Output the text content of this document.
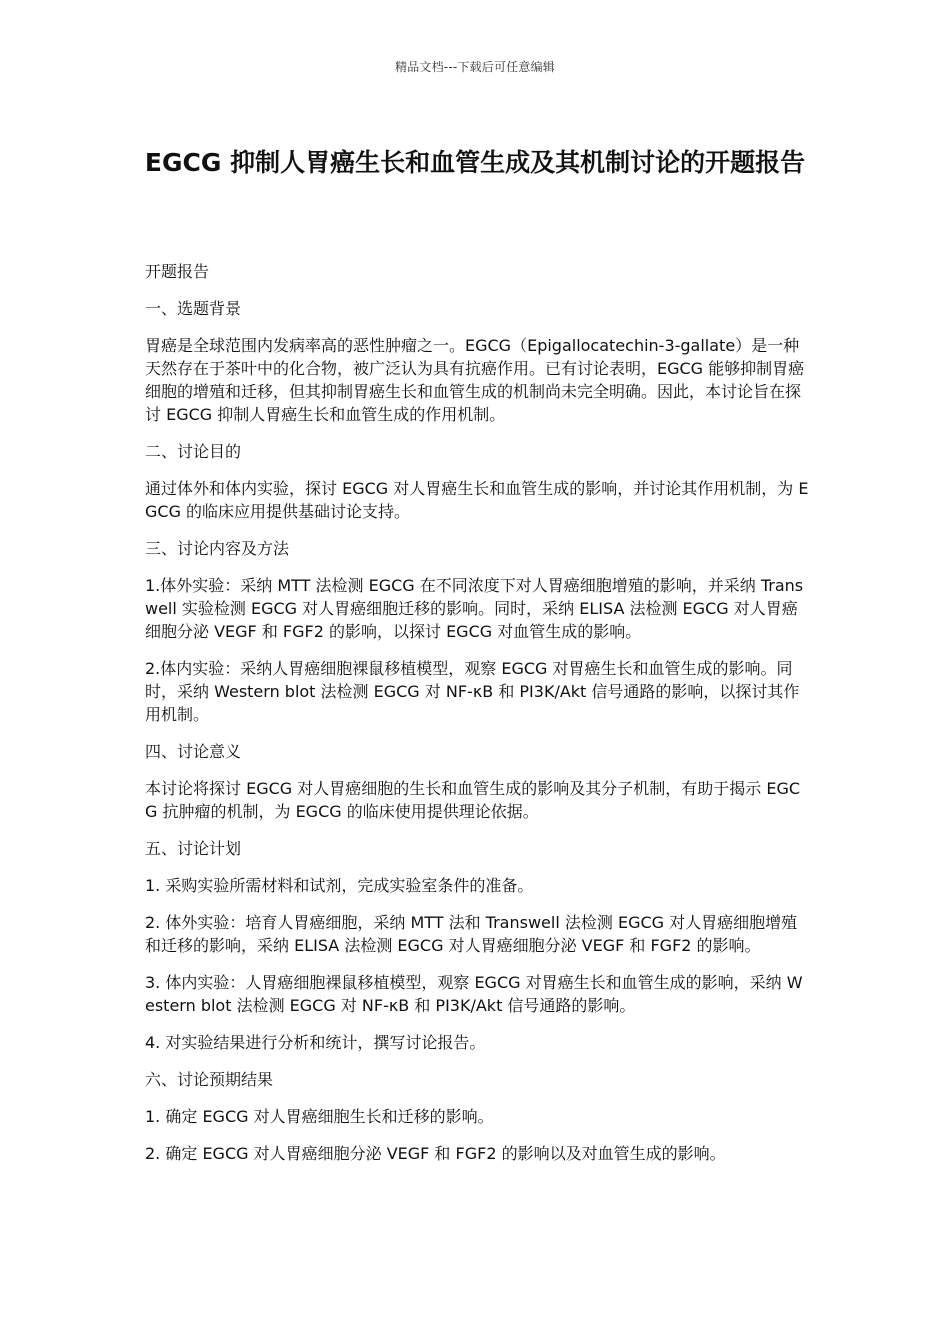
精品文档---下载后可任意编辑
EGCG 抑制人胃癌生长和血管生成及其机制讨论的开题报告

开题报告

一、选题背景

胃癌是全球范围内发病率高的恶性肿瘤之一。EGCG（Epigallocatechin-3-gallate）是一种天然存在于茶叶中的化合物，被广泛认为具有抗癌作用。已有讨论表明，EGCG 能够抑制胃癌细胞的增殖和迁移，但其抑制胃癌生长和血管生成的机制尚未完全明确。因此，本讨论旨在探讨 EGCG 抑制人胃癌生长和血管生成的作用机制。

二、讨论目的

通过体外和体内实验，探讨 EGCG 对人胃癌生长和血管生成的影响，并讨论其作用机制，为 EGCG 的临床应用提供基础讨论支持。

三、讨论内容及方法

1.体外实验：采纳 MTT 法检测 EGCG 在不同浓度下对人胃癌细胞增殖的影响，并采纳 Transwell 实验检测 EGCG 对人胃癌细胞迁移的影响。同时，采纳 ELISA 法检测 EGCG 对人胃癌细胞分泌 VEGF 和 FGF2 的影响，以探讨 EGCG 对血管生成的影响。

2.体内实验：采纳人胃癌细胞裸鼠移植模型，观察 EGCG 对胃癌生长和血管生成的影响。同时，采纳 Western blot 法检测 EGCG 对 NF-κB 和 PI3K/Akt 信号通路的影响，以探讨其作用机制。

四、讨论意义

本讨论将探讨 EGCG 对人胃癌细胞的生长和血管生成的影响及其分子机制，有助于揭示 EGCG 抗肿瘤的机制，为 EGCG 的临床使用提供理论依据。

五、讨论计划

1. 采购实验所需材料和试剂，完成实验室条件的准备。

2. 体外实验：培育人胃癌细胞，采纳 MTT 法和 Transwell 法检测 EGCG 对人胃癌细胞增殖和迁移的影响，采纳 ELISA 法检测 EGCG 对人胃癌细胞分泌 VEGF 和 FGF2 的影响。

3. 体内实验：人胃癌细胞裸鼠移植模型，观察 EGCG 对胃癌生长和血管生成的影响，采纳 Western blot 法检测 EGCG 对 NF-κB 和 PI3K/Akt 信号通路的影响。

4. 对实验结果进行分析和统计，撰写讨论报告。

六、讨论预期结果

1. 确定 EGCG 对人胃癌细胞生长和迁移的影响。

2. 确定 EGCG 对人胃癌细胞分泌 VEGF 和 FGF2 的影响以及对血管生成的影响。
